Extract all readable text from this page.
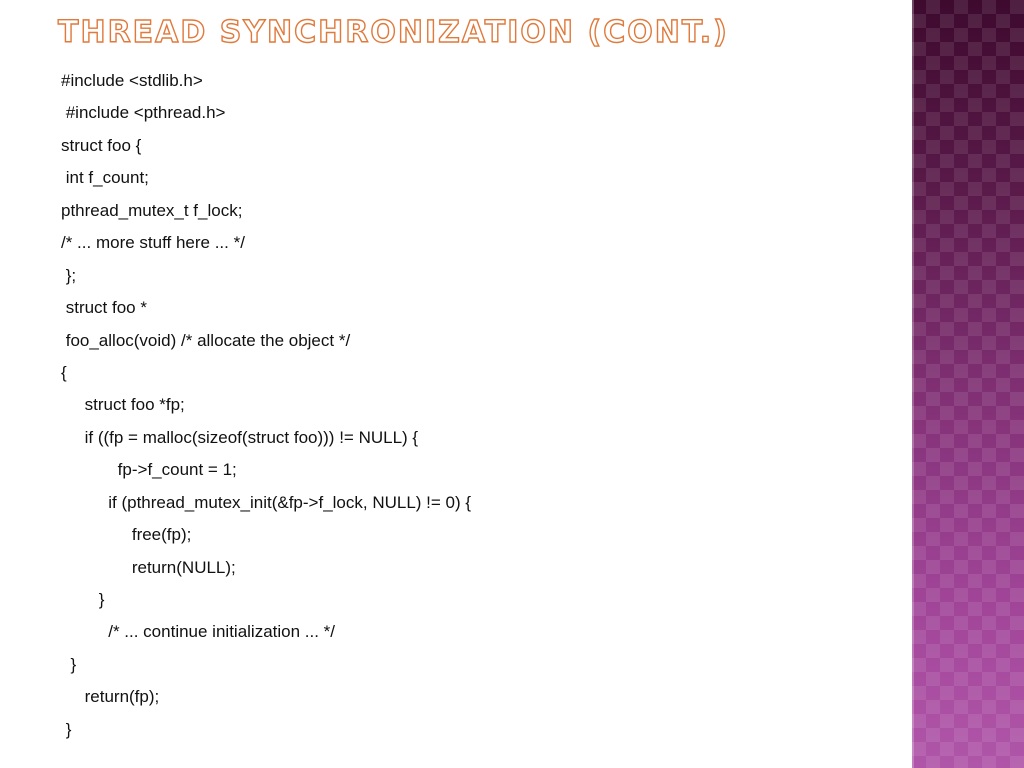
THREAD SYNCHRONIZATION (CONT.)
#include <stdlib.h>
#include <pthread.h>
struct foo {
int f_count;
pthread_mutex_t f_lock;
/* ... more stuff here ... */
};
struct foo *
foo_alloc(void) /* allocate the object */
{
struct foo *fp;
if ((fp = malloc(sizeof(struct foo))) != NULL) {
fp->f_count = 1;
if (pthread_mutex_init(&fp->f_lock, NULL) != 0) {
free(fp);
return(NULL);
}
/* ... continue initialization ... */
}
return(fp);
}
